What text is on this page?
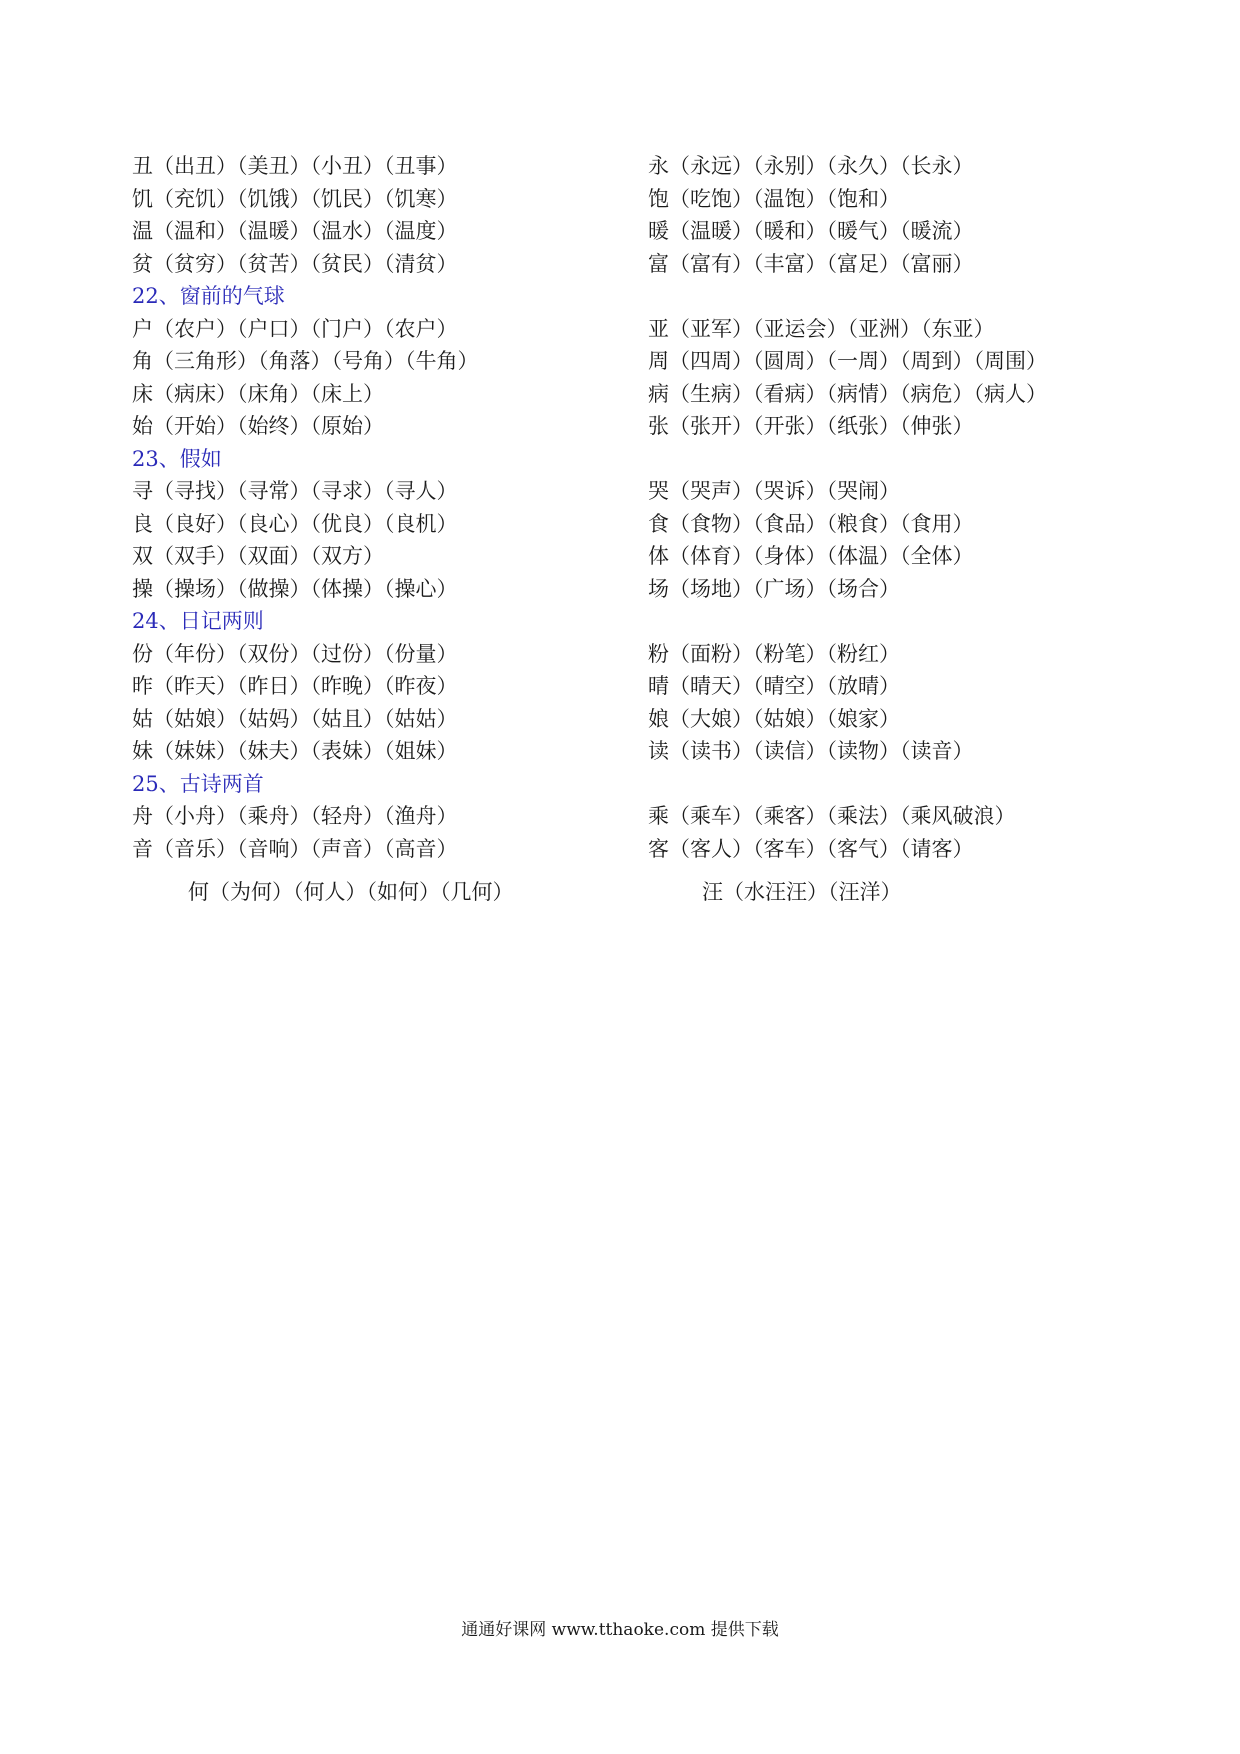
丑（出丑）（美丑）（小丑）（丑事）	永（永远）（永别）（永久）（长永）
饥（充饥）（饥饿）（饥民）（饥寒）	饱（吃饱）（温饱）（饱和）
温（温和）（温暖）（温水）（温度）	暖（温暖）（暖和）（暖气）（暖流）
贫（贫穷）（贫苦）（贫民）（清贫）	富（富有）（丰富）（富足）（富丽）
22、窗前的气球
户（农户）（户口）（门户）（农户）	亚（亚军）（亚运会）（亚洲）（东亚）
角（三角形）（角落）（号角）（牛角）	周（四周）（圆周）（一周）（周到）（周围）
床（病床）（床角）（床上）	病（生病）（看病）（病情）（病危）（病人）
始（开始）（始终）（原始）	张（张开）（开张）（纸张）（伸张）
23、假如
寻（寻找）（寻常）（寻求）（寻人）	哭（哭声）（哭诉）（哭闹）
良（良好）（良心）（优良）（良机）	食（食物）（食品）（粮食）（食用）
双（双手）（双面）（双方）	体（体育）（身体）（体温）（全体）
操（操场）（做操）（体操）（操心）	场（场地）（广场）（场合）
24、日记两则
份（年份）（双份）（过份）（份量）	粉（面粉）（粉笔）（粉红）
昨（昨天）（昨日）（昨晚）（昨夜）	晴（晴天）（晴空）（放晴）
姑（姑娘）（姑妈）（姑且）（姑姑）	娘（大娘）（姑娘）（娘家）
妹（妹妹）（妹夫）（表妹）（姐妹）	读（读书）（读信）（读物）（读音）
25、古诗两首
舟（小舟）（乘舟）（轻舟）（渔舟）	乘（乘车）（乘客）（乘法）（乘风破浪）
音（音乐）（音响）（声音）（高音）	客（客人）（客车）（客气）（请客）
何（为何）（何人）（如何）（几何）	汪（水汪汪）（汪洋）
通通好课网 www.tthaoke.com 提供下载
